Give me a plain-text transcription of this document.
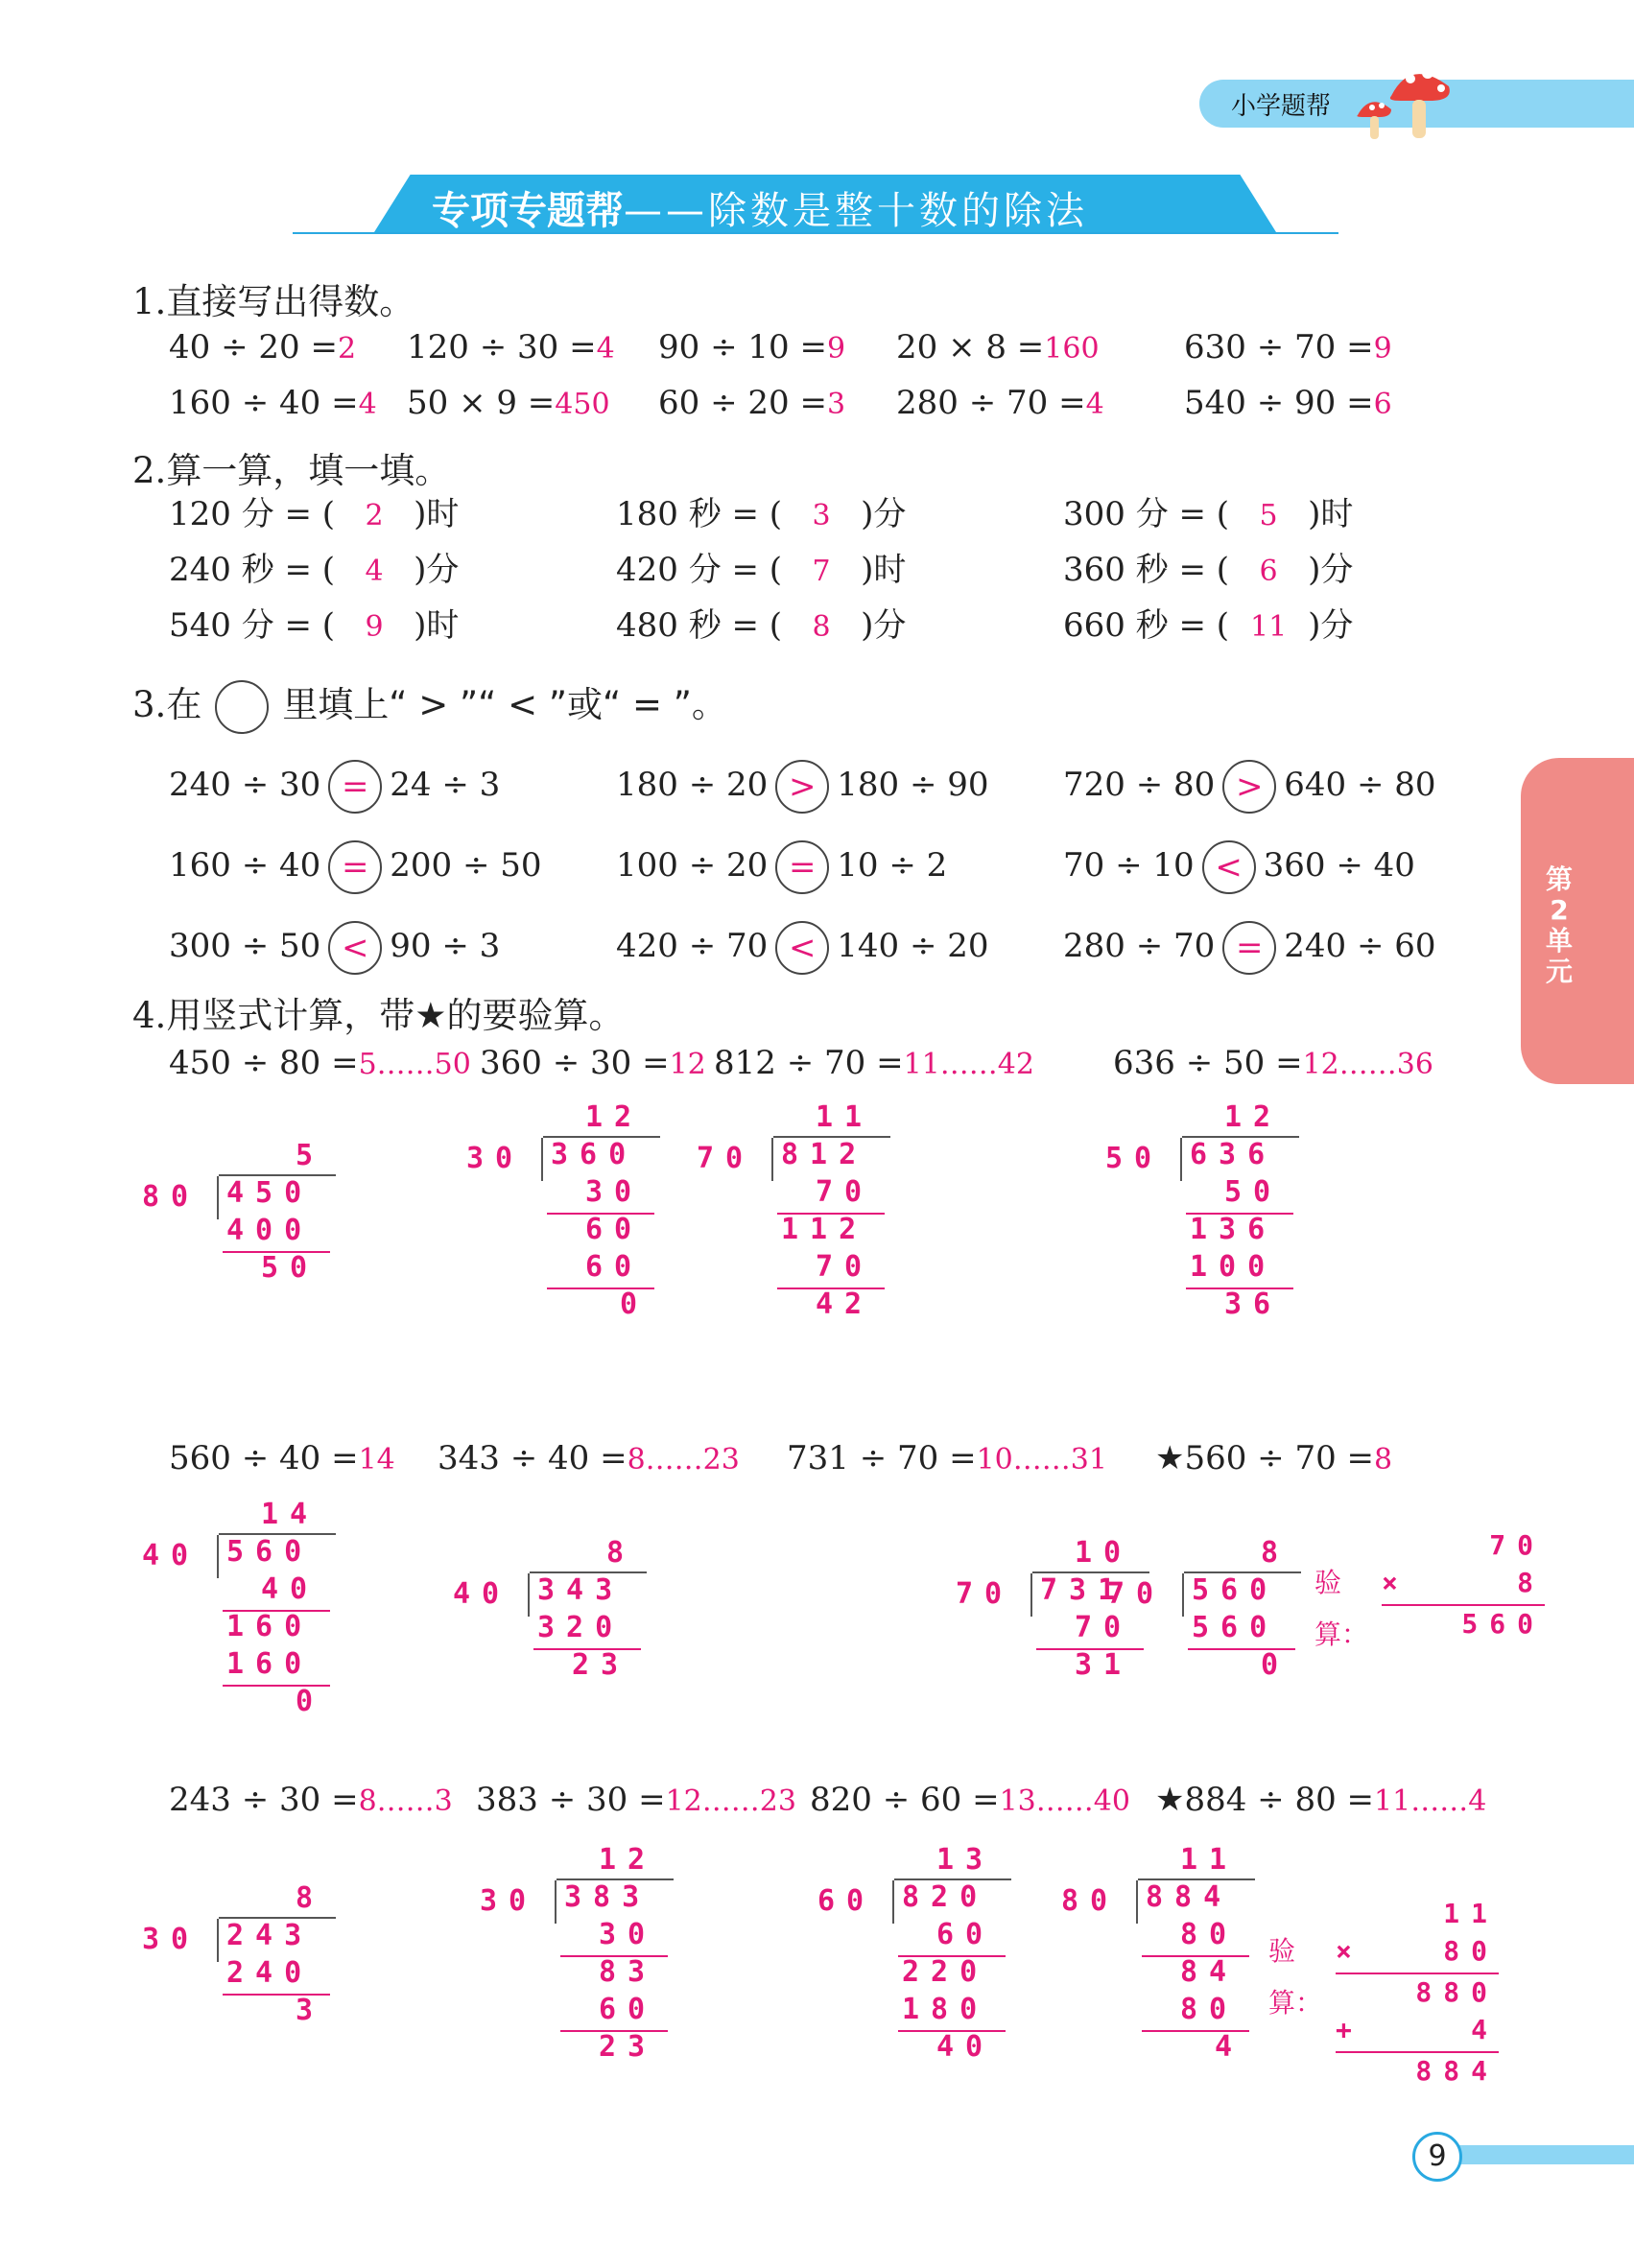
小学题帮
专项专题帮——除数是整十数的除法
第
2
单
元
9
1.直接写出得数。
40 ÷ 20 =2 120 ÷ 30 =4 90 ÷ 10 =9 20 × 8 =160	630 ÷ 70 =9
160 ÷ 40 =4 50 × 9 =450 60 ÷ 20 =3 280 ÷ 70 =4 540 ÷ 90 =6
2.算一算，填一填。
120 分 = ( 2 )时	180 秒 = ( 3 )分	300 分 = ( 5 )时
240 秒 = ( 4 )分	420 分 = ( 7 )时	360 秒 = ( 6 )分
540 分 = ( 9 )时	480 秒 = ( 8 )分	660 秒 = ( 11 )分
3.在 里填上“ > ”“ < ”或“ = ”。
240 ÷ 30 = 24 ÷ 3	180 ÷ 20 > 180 ÷ 90 720 ÷ 80 > 640 ÷ 80
160 ÷ 40 = 200 ÷ 50 100 ÷ 20 = 10 ÷ 2	70 ÷ 10 < 360 ÷ 40
300 ÷ 50 < 90 ÷ 3	420 ÷ 70 < 140 ÷ 20 280 ÷ 70 = 240 ÷ 60
4.用竖式计算，带★的要验算。
450 ÷ 80 =5……50
5
80 450
400
50
360 ÷ 30 =12
12
30 360
30
60
60
0
812 ÷ 70 =11……42
11
70 812
70
112
70
42
636 ÷ 50 =12……36
12
50 636
50
136
100
36
560 ÷ 40 =14
14
40 560
40
160
160
0
343 ÷ 40 =8……23
8
40 343
320
23
731 ÷ 70 =10……31
10
70 731
70
31
★560 ÷ 70 =8
8
70 560
560
0
验
算：
70
×	8
560
243 ÷ 30 =8……3
8
30 243
240
3
383 ÷ 30 =12……23
12
30 383
30
83
60
23
820 ÷ 60 =13……40
13
60 820
60
220
180
40
★884 ÷ 80 =11……4
11
80 884
80
84
80
4
验
算：
11
×	80
880
+	4
884
